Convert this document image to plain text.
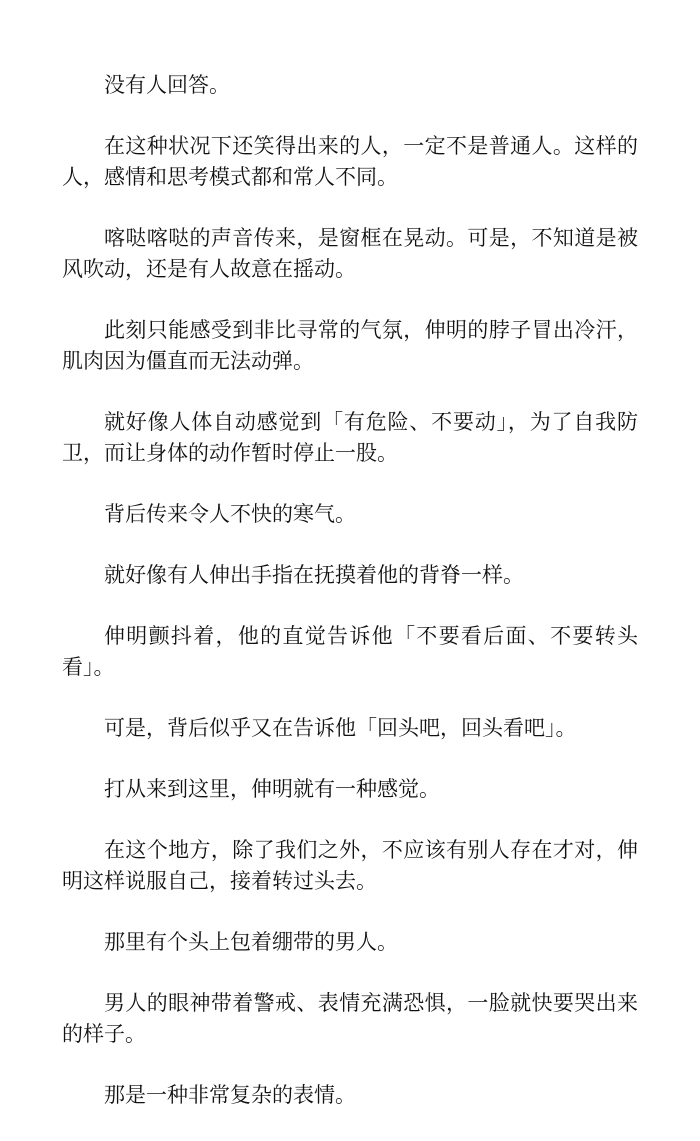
没有人回答。

在这种状况下还笑得出来的人，一定不是普通人。这样的人，感情和思考模式都和常人不同。

喀哒喀哒的声音传来，是窗框在晃动。可是，不知道是被风吹动，还是有人故意在摇动。

此刻只能感受到非比寻常的气氛，伸明的脖子冒出冷汗，肌肉因为僵直而无法动弹。

就好像人体自动感觉到「有危险、不要动」，为了自我防卫，而让身体的动作暂时停止一股。

背后传来令人不快的寒气。

就好像有人伸出手指在抚摸着他的背脊一样。

伸明颤抖着，他的直觉告诉他「不要看后面、不要转头看」。

可是，背后似乎又在告诉他「回头吧，回头看吧」。

打从来到这里，伸明就有一种感觉。

在这个地方，除了我们之外，不应该有别人存在才对，伸明这样说服自己，接着转过头去。

那里有个头上包着绷带的男人。

男人的眼神带着警戒、表情充满恐惧，一脸就快要哭出来的样子。

那是一种非常复杂的表情。
